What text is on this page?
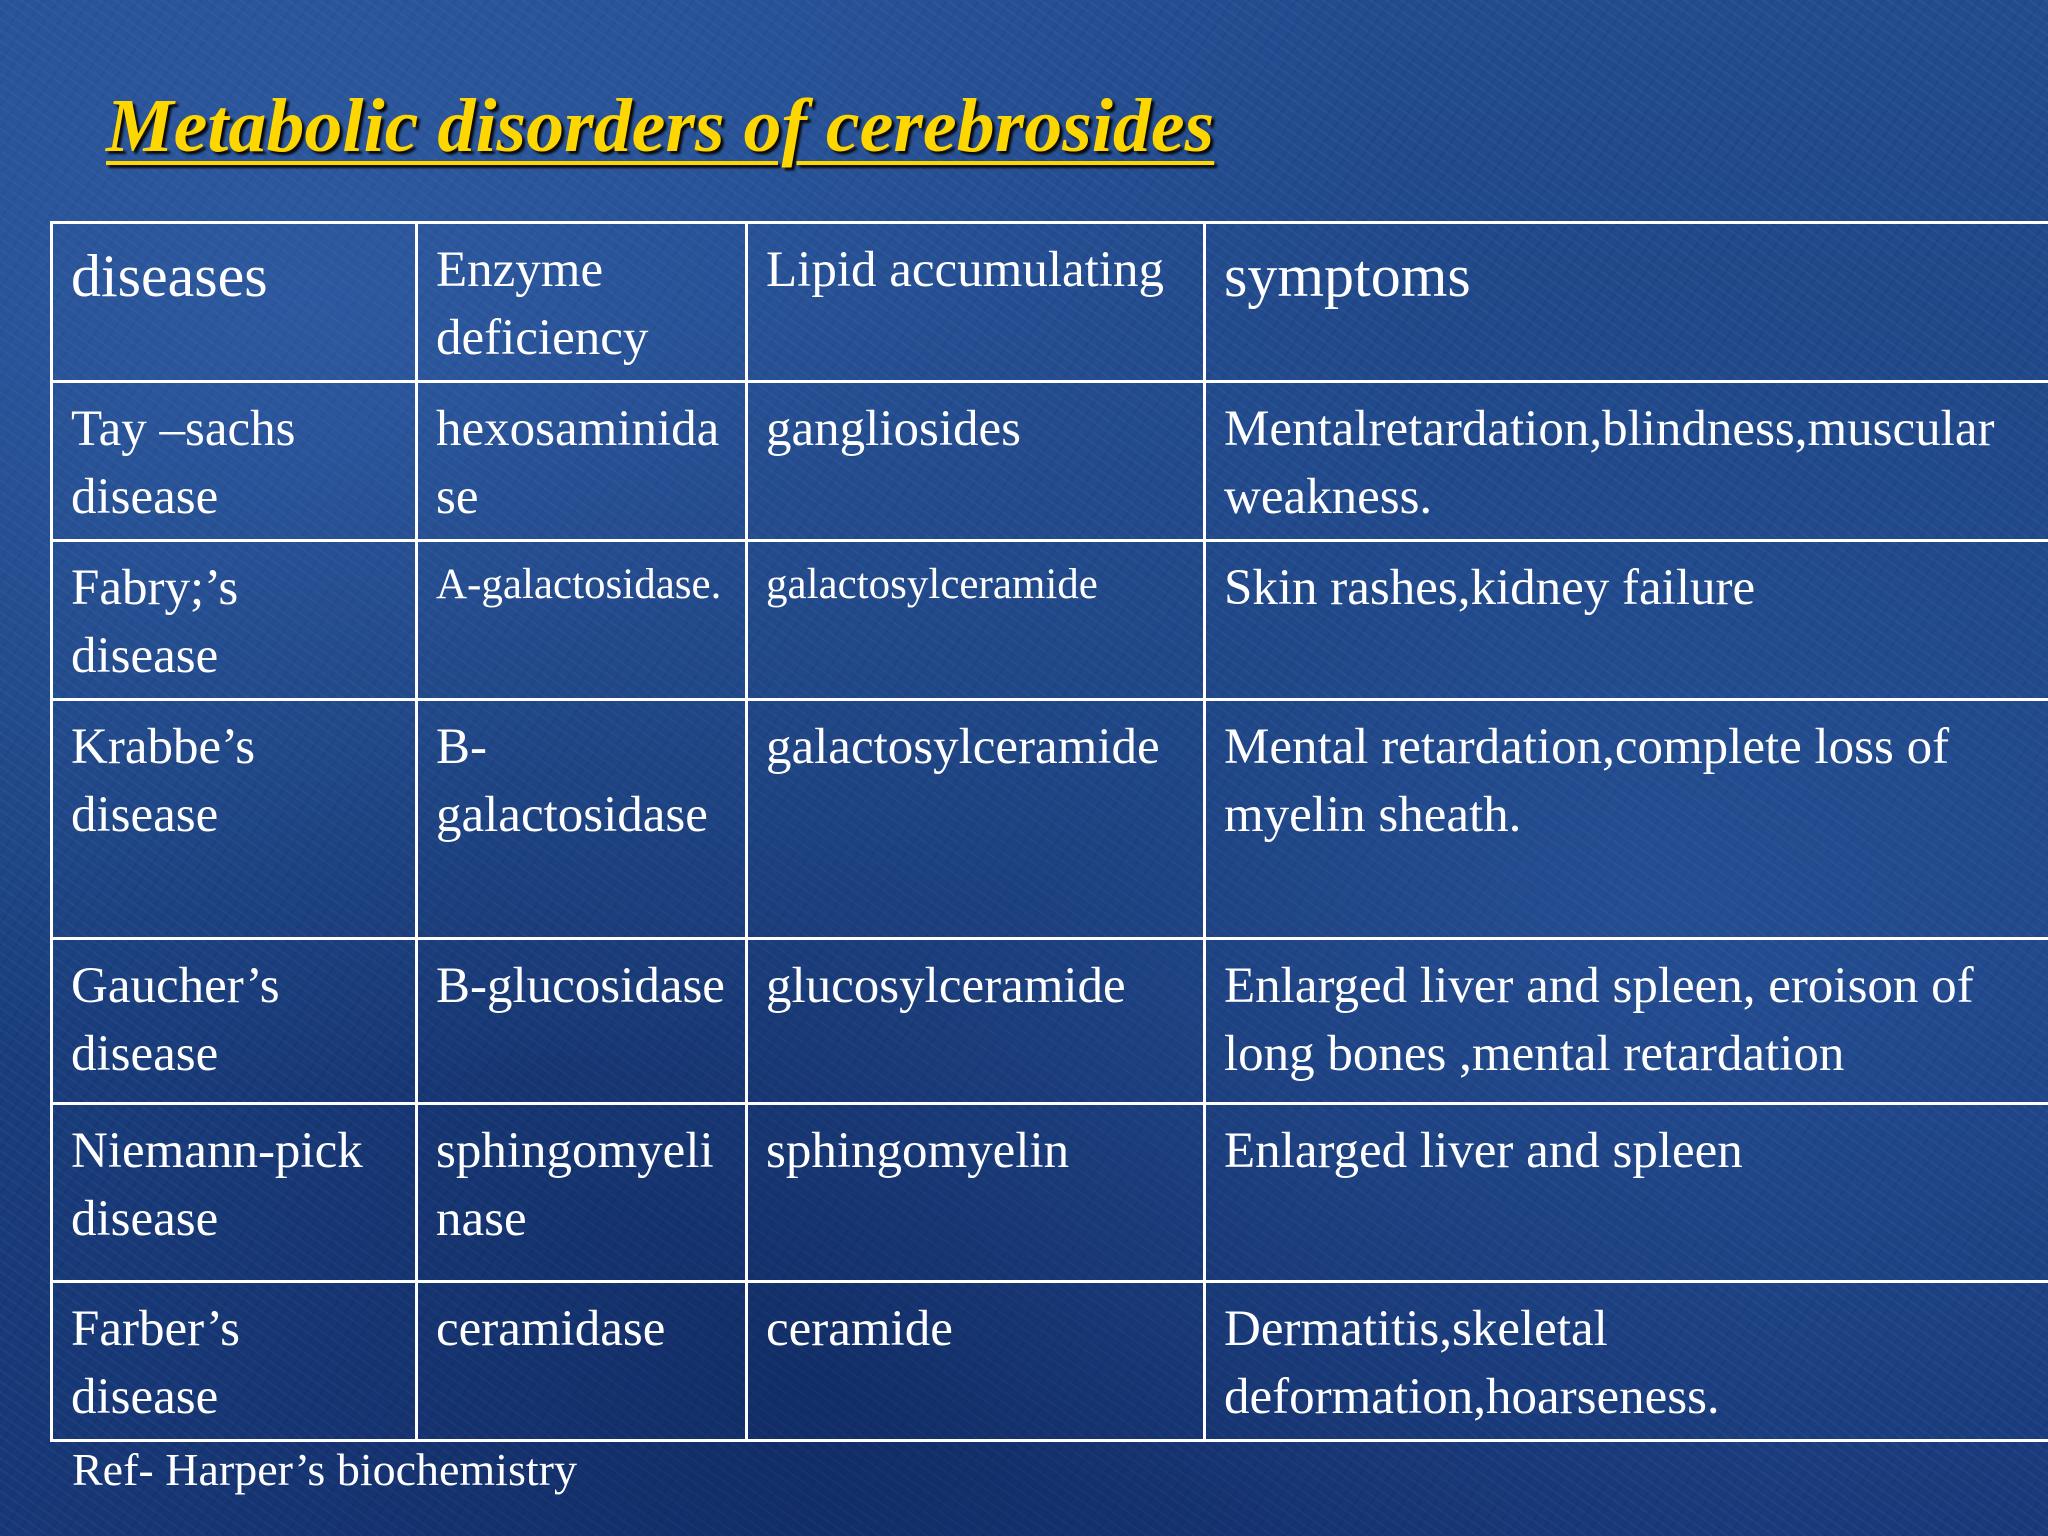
Metabolic disorders of cerebrosides
diseases	Enzyme deficiency	Lipid accumulating	symptoms
Tay –sachs disease	hexosaminidase	gangliosides	Mentalretardation,blindness,muscular weakness.
Fabry;’s disease	A-galactosidase.	galactosylceramide	Skin rashes,kidney failure
Krabbe’s disease	B-galactosidase	galactosylceramide	Mental retardation,complete loss of myelin sheath.
Gaucher’s disease	B-glucosidase	glucosylceramide	Enlarged liver and spleen, eroison of long bones ,mental retardation
Niemann-pick disease	sphingomyelinase	sphingomyelin	Enlarged liver and spleen
Farber’s disease	ceramidase	ceramide	Dermatitis,skeletal deformation,hoarseness.
Ref- Harper’s biochemistry
